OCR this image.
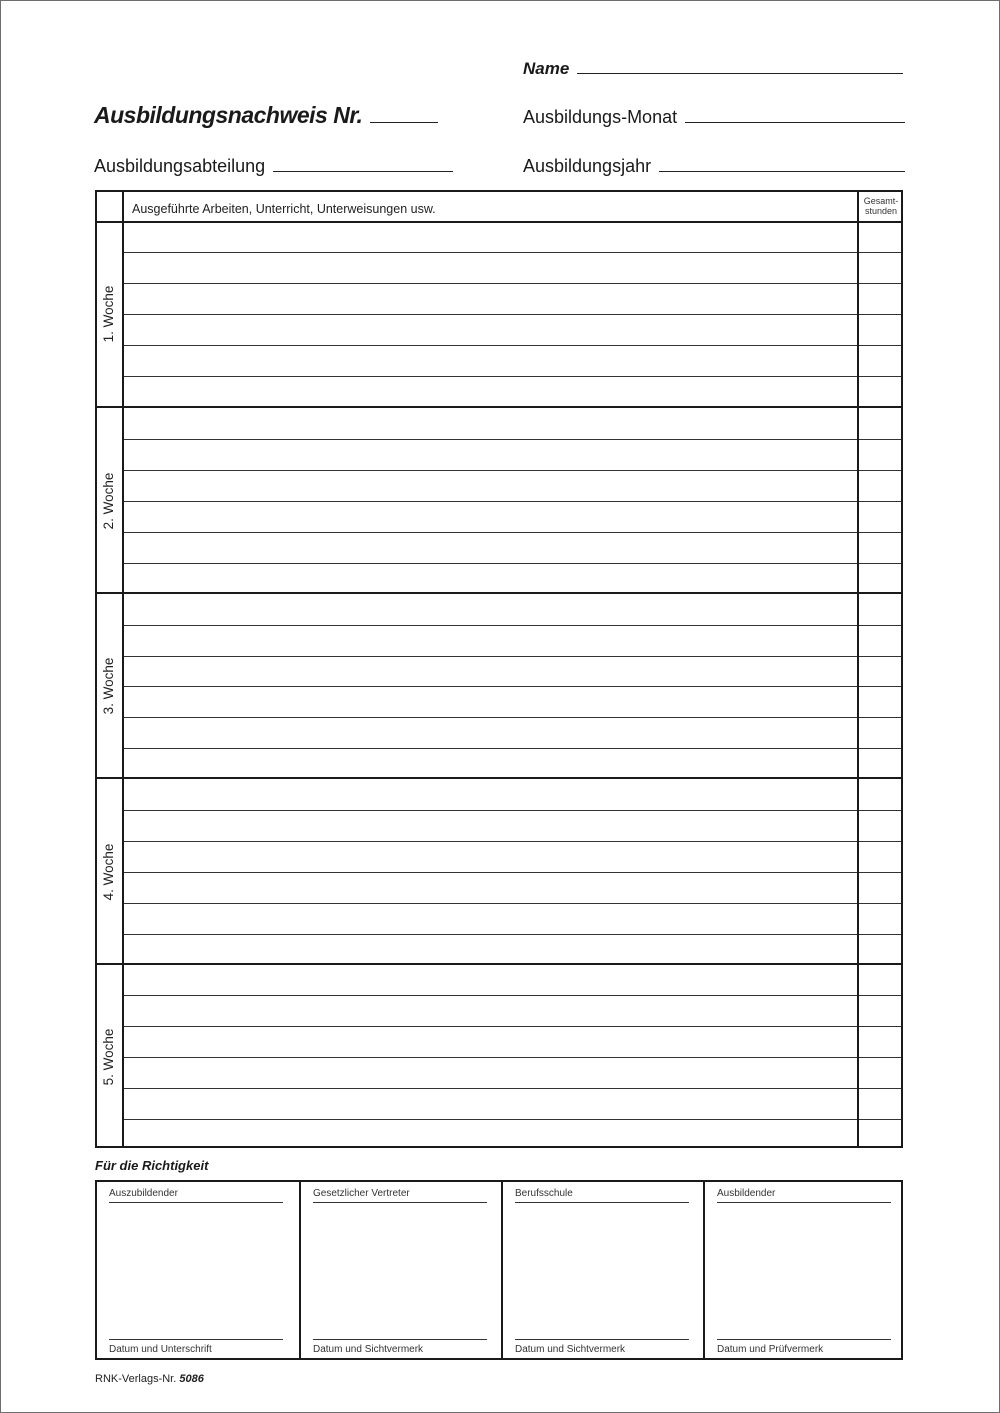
Name
Ausbildungsnachweis Nr.	Ausbildungs-Monat
Ausbildungsabteilung	Ausbildungsjahr
Ausgeführte Arbeiten, Unterricht, Unterweisungen usw.
Gesamt-
stunden
1. Woche
2. Woche
3. Woche
4. Woche
5. Woche
Für die Richtigkeit
Auszubildender
Datum und Unterschrift
Gesetzlicher Vertreter
Datum und Sichtvermerk
Berufsschule
Datum und Sichtvermerk
Ausbildender
Datum und Prüfvermerk
RNK-Verlags-Nr. 5086
